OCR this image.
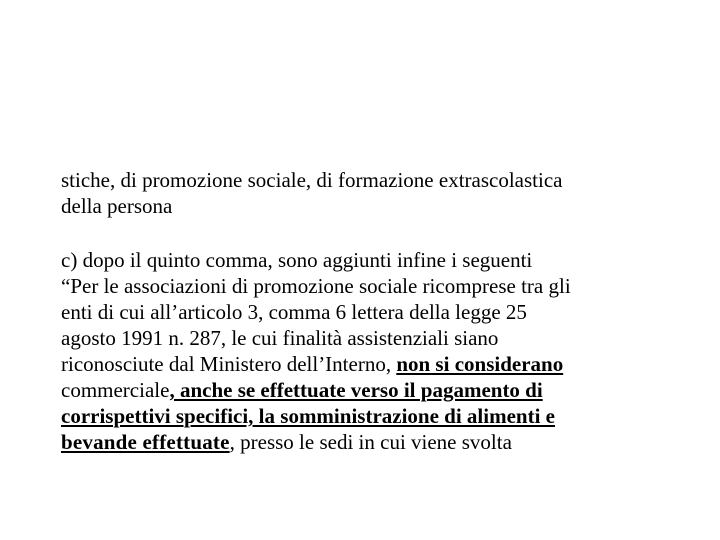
stiche, di promozione sociale, di formazione extrascolastica
della persona
c) dopo il quinto comma, sono aggiunti infine i seguenti
“Per le associazioni di promozione sociale ricomprese tra gli
enti di cui all’articolo 3, comma 6 lettera della legge 25
agosto 1991 n. 287, le cui finalità assistenziali siano
riconosciute dal Ministero dell’Interno, non si considerano
commerciale, anche se effettuate verso il pagamento di
corrispettivi specifici, la somministrazione di alimenti e
bevande effettuate, presso le sedi in cui viene svolta
